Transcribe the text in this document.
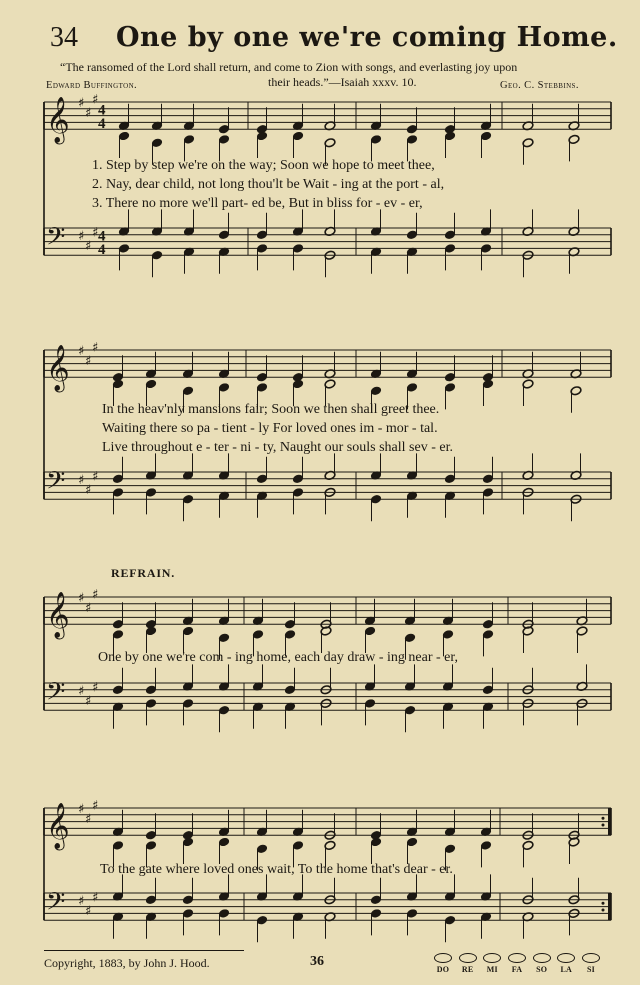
34 One by one we're coming Home.
“The ransomed of the Lord shall return, and come to Zion with songs, and everlasting joy upon
their heads.”—Isaiah xxxv. 10.
Edward Buffington.	Geo. C. Stebbins.
𝄞 ♯
♯
♯
4
4
𝄢 ♯
♯
♯ 4
4
𝄞 ♯
♯
♯
𝄢 ♯
♯
♯
𝄞 ♯
♯
♯
𝄢 ♯
♯
♯
𝄞 ♯
♯
♯
𝄢 ♯
♯
♯
1. Step by step we're on the way; Soon we hope to meet thee,
2. Nay, dear child, not long thou'lt be Wait - ing at the port - al,
3. There no more we'll part- ed be, But in bliss for - ev - er,
In the heav'nly mansions fair; Soon we then shall greet thee.
Waiting there so pa - tient - ly For loved ones im - mor - tal.
Live throughout e - ter - ni - ty, Naught our souls shall sev - er.
REFRAIN.
One by one we're com - ing home, each day draw - ing near - er,
To the gate where loved ones wait, To the home that's dear - er.
Copyright, 1883, by John J. Hood.	36
DO RE MI FA SO LA SI
